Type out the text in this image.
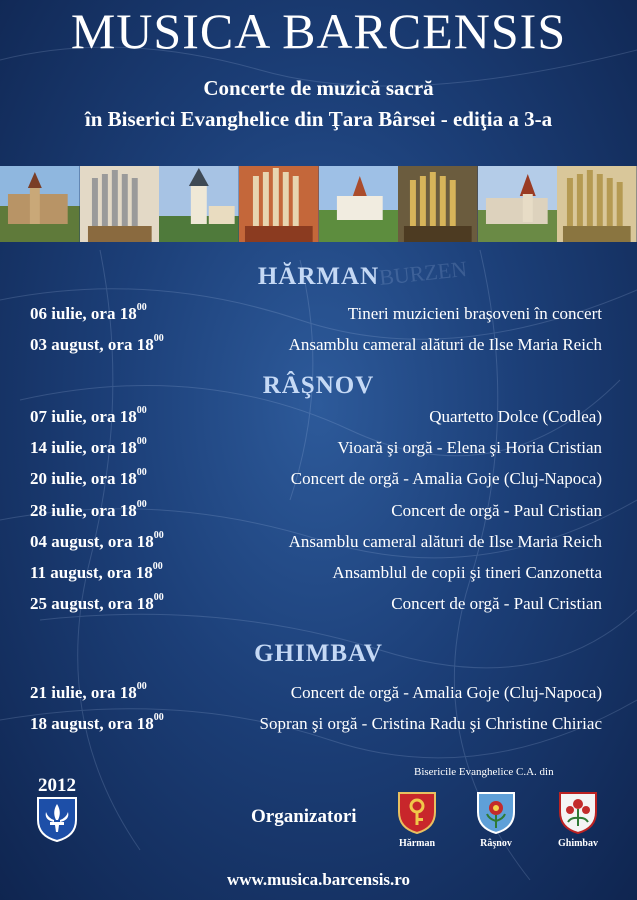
BURZEN
MUSICA BARCENSIS
Concerte de muzică sacră
în Biserici Evanghelice din Ţara Bârsei - ediţia a 3-a
HĂRMAN
06 iulie, ora $18^{00}$	Tineri muzicieni braşoveni în concert
03 august, ora $18^{00}$	Ansamblu cameral alături de Ilse Maria Reich
RÂŞNOV
07 iulie, ora $18^{00}$	Quartetto Dolce (Codlea)
14 iulie, ora $18^{00}$	Vioară şi orgă - Elena şi Horia Cristian
20 iulie, ora $18^{00}$	Concert de orgă - Amalia Goje (Cluj-Napoca)
28 iulie, ora $18^{00}$	Concert de orgă - Paul Cristian
04 august, ora $18^{00}$	Ansamblu cameral alături de Ilse Maria Reich
11 august, ora $18^{00}$	Ansamblul de copii şi tineri Canzonetta
25 august, ora $18^{00}$	Concert de orgă - Paul Cristian
GHIMBAV
21 iulie, ora $18^{00}$	Concert de orgă - Amalia Goje (Cluj-Napoca)
18 august, ora $18^{00}$	Sopran şi orgă - Cristina Radu şi Christine Chiriac
2012
Bisericile Evanghelice C.A. din
Organizatori
Hărman	Râşnov	Ghimbav
www.musica.barcensis.ro
